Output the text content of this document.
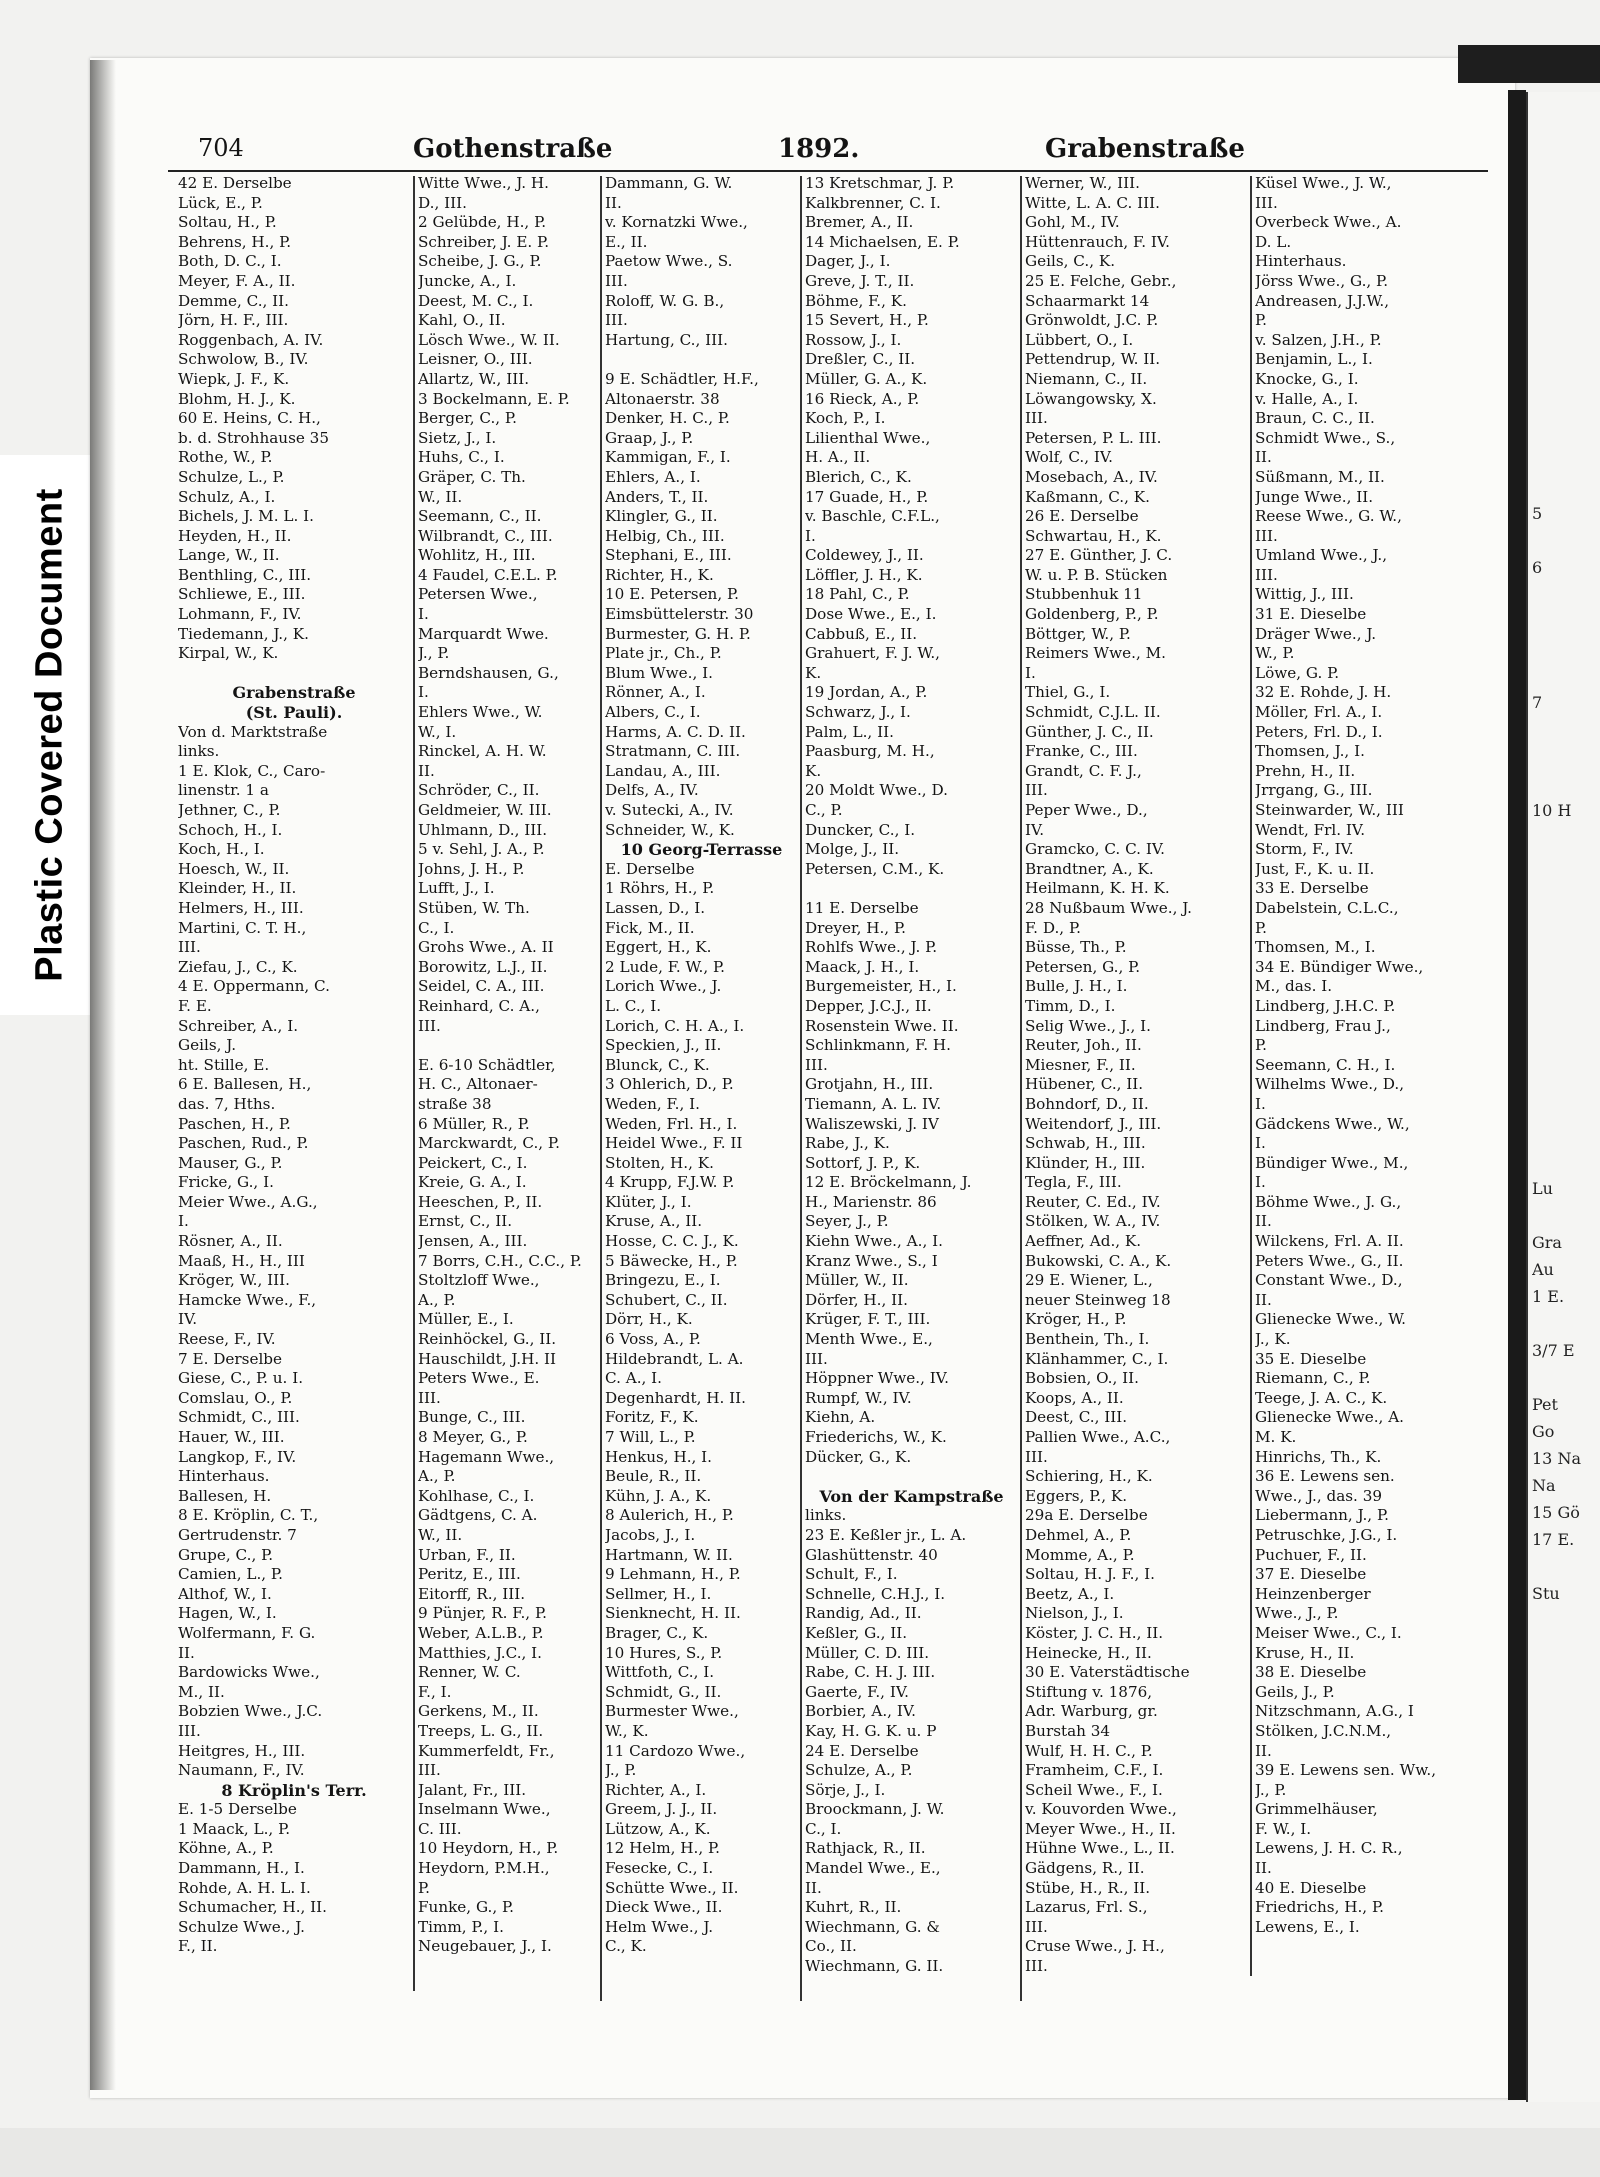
Plastic Covered Document	5

6

7

10 H

Lu

Gra
Au
1 E.

3/7 E

Pet
Go
13 Na
Na
15 Gö
17 E.

Stu
704	Gothenstraße	1892.	Grabenstraße
42 E. Derselbe
Lück, E., P.
Soltau, H., P.
Behrens, H., P.
Both, D. C., I.
Meyer, F. A., II.
Demme, C., II.
Jörn, H. F., III.
Roggenbach, A. IV.
Schwolow, B., IV.
Wiepk, J. F., K.
Blohm, H. J., K.
60 E. Heins, C. H.,
b. d. Strohhause 35
Rothe, W., P.
Schulze, L., P.
Schulz, A., I.
Bichels, J. M. L. I.
Heyden, H., II.
Lange, W., II.
Benthling, C., III.
Schliewe, E., III.
Lohmann, F., IV.
Tiedemann, J., K.
Kirpal, W., K.

Grabenstraße
(St. Pauli).
Von d. Marktstraße
links.
1 E. Klok, C., Caro-
linenstr. 1 a
Jethner, C., P.
Schoch, H., I.
Koch, H., I.
Hoesch, W., II.
Kleinder, H., II.
Helmers, H., III.
Martini, C. T. H.,
III.
Ziefau, J., C., K.
4 E. Oppermann, C.
F. E.
Schreiber, A., I.
Geils, J.
ht. Stille, E.
6 E. Ballesen, H.,
das. 7, Hths.
Paschen, H., P.
Paschen, Rud., P.
Mauser, G., P.
Fricke, G., I.
Meier Wwe., A.G.,
I.
Rösner, A., II.
Maaß, H., H., III
Kröger, W., III.
Hamcke Wwe., F.,
IV.
Reese, F., IV.
7 E. Derselbe
Giese, C., P. u. I.
Comslau, O., P.
Schmidt, C., III.
Hauer, W., III.
Langkop, F., IV.
Hinterhaus.
Ballesen, H.
8 E. Kröplin, C. T.,
Gertrudenstr. 7
Grupe, C., P.
Camien, L., P.
Althof, W., I.
Hagen, W., I.
Wolfermann, F. G.
II.
Bardowicks Wwe.,
M., II.
Bobzien Wwe., J.C.
III.
Heitgres, H., III.
Naumann, F., IV.
8 Kröplin's Terr.
E. 1-5 Derselbe
1 Maack, L., P.
Köhne, A., P.
Dammann, H., I.
Rohde, A. H. L. I.
Schumacher, H., II.
Schulze Wwe., J.
F., II.
Witte Wwe., J. H.
D., III.
2 Gelübde, H., P.
Schreiber, J. E. P.
Scheibe, J. G., P.
Juncke, A., I.
Deest, M. C., I.
Kahl, O., II.
Lösch Wwe., W. II.
Leisner, O., III.
Allartz, W., III.
3 Bockelmann, E. P.
Berger, C., P.
Sietz, J., I.
Huhs, C., I.
Gräper, C. Th.
W., II.
Seemann, C., II.
Wilbrandt, C., III.
Wohlitz, H., III.
4 Faudel, C.E.L. P.
Petersen Wwe.,
I.
Marquardt Wwe.
J., P.
Berndshausen, G.,
I.
Ehlers Wwe., W.
W., I.
Rinckel, A. H. W.
II.
Schröder, C., II.
Geldmeier, W. III.
Uhlmann, D., III.
5 v. Sehl, J. A., P.
Johns, J. H., P.
Lufft, J., I.
Stüben, W. Th.
C., I.
Grohs Wwe., A. II
Borowitz, L.J., II.
Seidel, C. A., III.
Reinhard, C. A.,
III.

E. 6-10 Schädtler,
H. C., Altonaer-
straße 38
6 Müller, R., P.
Marckwardt, C., P.
Peickert, C., I.
Kreie, G. A., I.
Heeschen, P., II.
Ernst, C., II.
Jensen, A., III.
7 Borrs, C.H., C.C., P.
Stoltzloff Wwe.,
A., P.
Müller, E., I.
Reinhöckel, G., II.
Hauschildt, J.H. II
Peters Wwe., E.
III.
Bunge, C., III.
8 Meyer, G., P.
Hagemann Wwe.,
A., P.
Kohlhase, C., I.
Gädtgens, C. A.
W., II.
Urban, F., II.
Peritz, E., III.
Eitorff, R., III.
9 Pünjer, R. F., P.
Weber, A.L.B., P.
Matthies, J.C., I.
Renner, W. C.
F., I.
Gerkens, M., II.
Treeps, L. G., II.
Kummerfeldt, Fr.,
III.
Jalant, Fr., III.
Inselmann Wwe.,
C. III.
10 Heydorn, H., P.
Heydorn, P.M.H.,
P.
Funke, G., P.
Timm, P., I.
Neugebauer, J., I.
Dammann, G. W.
II.
v. Kornatzki Wwe.,
E., II.
Paetow Wwe., S.
III.
Roloff, W. G. B.,
III.
Hartung, C., III.

9 E. Schädtler, H.F.,
Altonaerstr. 38
Denker, H. C., P.
Graap, J., P.
Kammigan, F., I.
Ehlers, A., I.
Anders, T., II.
Klingler, G., II.
Helbig, Ch., III.
Stephani, E., III.
Richter, H., K.
10 E. Petersen, P.
Eimsbüttelerstr. 30
Burmester, G. H. P.
Plate jr., Ch., P.
Blum Wwe., I.
Rönner, A., I.
Albers, C., I.
Harms, A. C. D. II.
Stratmann, C. III.
Landau, A., III.
Delfs, A., IV.
v. Sutecki, A., IV.
Schneider, W., K.
10 Georg-Terrasse
E. Derselbe
1 Röhrs, H., P.
Lassen, D., I.
Fick, M., II.
Eggert, H., K.
2 Lude, F. W., P.
Lorich Wwe., J.
L. C., I.
Lorich, C. H. A., I.
Speckien, J., II.
Blunck, C., K.
3 Ohlerich, D., P.
Weden, F., I.
Weden, Frl. H., I.
Heidel Wwe., F. II
Stolten, H., K.
4 Krupp, F.J.W. P.
Klüter, J., I.
Kruse, A., II.
Hosse, C. C. J., K.
5 Bäwecke, H., P.
Bringezu, E., I.
Schubert, C., II.
Dörr, H., K.
6 Voss, A., P.
Hildebrandt, L. A.
C. A., I.
Degenhardt, H. II.
Foritz, F., K.
7 Will, L., P.
Henkus, H., I.
Beule, R., II.
Kühn, J. A., K.
8 Aulerich, H., P.
Jacobs, J., I.
Hartmann, W. II.
9 Lehmann, H., P.
Sellmer, H., I.
Sienknecht, H. II.
Brager, C., K.
10 Hures, S., P.
Wittfoth, C., I.
Schmidt, G., II.
Burmester Wwe.,
W., K.
11 Cardozo Wwe.,
J., P.
Richter, A., I.
Greem, J. J., II.
Lützow, A., K.
12 Helm, H., P.
Fesecke, C., I.
Schütte Wwe., II.
Dieck Wwe., II.
Helm Wwe., J.
C., K.
13 Kretschmar, J. P.
Kalkbrenner, C. I.
Bremer, A., II.
14 Michaelsen, E. P.
Dager, J., I.
Greve, J. T., II.
Böhme, F., K.
15 Severt, H., P.
Rossow, J., I.
Dreßler, C., II.
Müller, G. A., K.
16 Rieck, A., P.
Koch, P., I.
Lilienthal Wwe.,
H. A., II.
Blerich, C., K.
17 Guade, H., P.
v. Baschle, C.F.L.,
I.
Coldewey, J., II.
Löffler, J. H., K.
18 Pahl, C., P.
Dose Wwe., E., I.
Cabbuß, E., II.
Grahuert, F. J. W.,
K.
19 Jordan, A., P.
Schwarz, J., I.
Palm, L., II.
Paasburg, M. H.,
K.
20 Moldt Wwe., D.
C., P.
Duncker, C., I.
Molge, J., II.
Petersen, C.M., K.

11 E. Derselbe
Dreyer, H., P.
Rohlfs Wwe., J. P.
Maack, J. H., I.
Burgemeister, H., I.
Depper, J.C.J., II.
Rosenstein Wwe. II.
Schlinkmann, F. H.
III.
Grotjahn, H., III.
Tiemann, A. L. IV.
Waliszewski, J. IV
Rabe, J., K.
Sottorf, J. P., K.
12 E. Bröckelmann, J.
H., Marienstr. 86
Seyer, J., P.
Kiehn Wwe., A., I.
Kranz Wwe., S., I
Müller, W., II.
Dörfer, H., II.
Krüger, F. T., III.
Menth Wwe., E.,
III.
Höppner Wwe., IV.
Rumpf, W., IV.
Kiehn, A.
Friederichs, W., K.
Dücker, G., K.

Von der Kampstraße
links.
23 E. Keßler jr., L. A.
Glashüttenstr. 40
Schult, F., I.
Schnelle, C.H.J., I.
Randig, Ad., II.
Keßler, G., II.
Müller, C. D. III.
Rabe, C. H. J. III.
Gaerte, F., IV.
Borbier, A., IV.
Kay, H. G. K. u. P
24 E. Derselbe
Schulze, A., P.
Sörje, J., I.
Broockmann, J. W.
C., I.
Rathjack, R., II.
Mandel Wwe., E.,
II.
Kuhrt, R., II.
Wiechmann, G. &
Co., II.
Wiechmann, G. II.
Werner, W., III.
Witte, L. A. C. III.
Gohl, M., IV.
Hüttenrauch, F. IV.
Geils, C., K.
25 E. Felche, Gebr.,
Schaarmarkt 14
Grönwoldt, J.C. P.
Lübbert, O., I.
Pettendrup, W. II.
Niemann, C., II.
Löwangowsky, X.
III.
Petersen, P. L. III.
Wolf, C., IV.
Mosebach, A., IV.
Kaßmann, C., K.
26 E. Derselbe
Schwartau, H., K.
27 E. Günther, J. C.
W. u. P. B. Stücken
Stubbenhuk 11
Goldenberg, P., P.
Böttger, W., P.
Reimers Wwe., M.
I.
Thiel, G., I.
Schmidt, C.J.L. II.
Günther, J. C., II.
Franke, C., III.
Grandt, C. F. J.,
III.
Peper Wwe., D.,
IV.
Gramcko, C. C. IV.
Brandtner, A., K.
Heilmann, K. H. K.
28 Nußbaum Wwe., J.
F. D., P.
Büsse, Th., P.
Petersen, G., P.
Bulle, J. H., I.
Timm, D., I.
Selig Wwe., J., I.
Reuter, Joh., II.
Miesner, F., II.
Hübener, C., II.
Bohndorf, D., II.
Weitendorf, J., III.
Schwab, H., III.
Klünder, H., III.
Tegla, F., III.
Reuter, C. Ed., IV.
Stölken, W. A., IV.
Aeffner, Ad., K.
Bukowski, C. A., K.
29 E. Wiener, L.,
neuer Steinweg 18
Kröger, H., P.
Benthein, Th., I.
Klänhammer, C., I.
Bobsien, O., II.
Koops, A., II.
Deest, C., III.
Pallien Wwe., A.C.,
III.
Schiering, H., K.
Eggers, P., K.
29a E. Derselbe
Dehmel, A., P.
Momme, A., P.
Soltau, H. J. F., I.
Beetz, A., I.
Nielson, J., I.
Köster, J. C. H., II.
Heinecke, H., II.
30 E. Vaterstädtische
Stiftung v. 1876,
Adr. Warburg, gr.
Burstah 34
Wulf, H. H. C., P.
Framheim, C.F., I.
Scheil Wwe., F., I.
v. Kouvorden Wwe.,
Meyer Wwe., H., II.
Hühne Wwe., L., II.
Gädgens, R., II.
Stübe, H., R., II.
Lazarus, Frl. S.,
III.
Cruse Wwe., J. H.,
III.
Küsel Wwe., J. W.,
III.
Overbeck Wwe., A.
D. L.
Hinterhaus.
Jörss Wwe., G., P.
Andreasen, J.J.W.,
P.
v. Salzen, J.H., P.
Benjamin, L., I.
Knocke, G., I.
v. Halle, A., I.
Braun, C. C., II.
Schmidt Wwe., S.,
II.
Süßmann, M., II.
Junge Wwe., II.
Reese Wwe., G. W.,
III.
Umland Wwe., J.,
III.
Wittig, J., III.
31 E. Dieselbe
Dräger Wwe., J.
W., P.
Löwe, G. P.
32 E. Rohde, J. H.
Möller, Frl. A., I.
Peters, Frl. D., I.
Thomsen, J., I.
Prehn, H., II.
Jrrgang, G., III.
Steinwarder, W., III
Wendt, Frl. IV.
Storm, F., IV.
Just, F., K. u. II.
33 E. Derselbe
Dabelstein, C.L.C.,
P.
Thomsen, M., I.
34 E. Bündiger Wwe.,
M., das. I.
Lindberg, J.H.C. P.
Lindberg, Frau J.,
P.
Seemann, C. H., I.
Wilhelms Wwe., D.,
I.
Gädckens Wwe., W.,
I.
Bündiger Wwe., M.,
I.
Böhme Wwe., J. G.,
II.
Wilckens, Frl. A. II.
Peters Wwe., G., II.
Constant Wwe., D.,
II.
Glienecke Wwe., W.
J., K.
35 E. Dieselbe
Riemann, C., P.
Teege, J. A. C., K.
Glienecke Wwe., A.
M. K.
Hinrichs, Th., K.
36 E. Lewens sen.
Wwe., J., das. 39
Liebermann, J., P.
Petruschke, J.G., I.
Puchuer, F., II.
37 E. Dieselbe
Heinzenberger
Wwe., J., P.
Meiser Wwe., C., I.
Kruse, H., II.
38 E. Dieselbe
Geils, J., P.
Nitzschmann, A.G., I
Stölken, J.C.N.M.,
II.
39 E. Lewens sen. Ww.,
J., P.
Grimmelhäuser,
F. W., I.
Lewens, J. H. C. R.,
II.
40 E. Dieselbe
Friedrichs, H., P.
Lewens, E., I.
